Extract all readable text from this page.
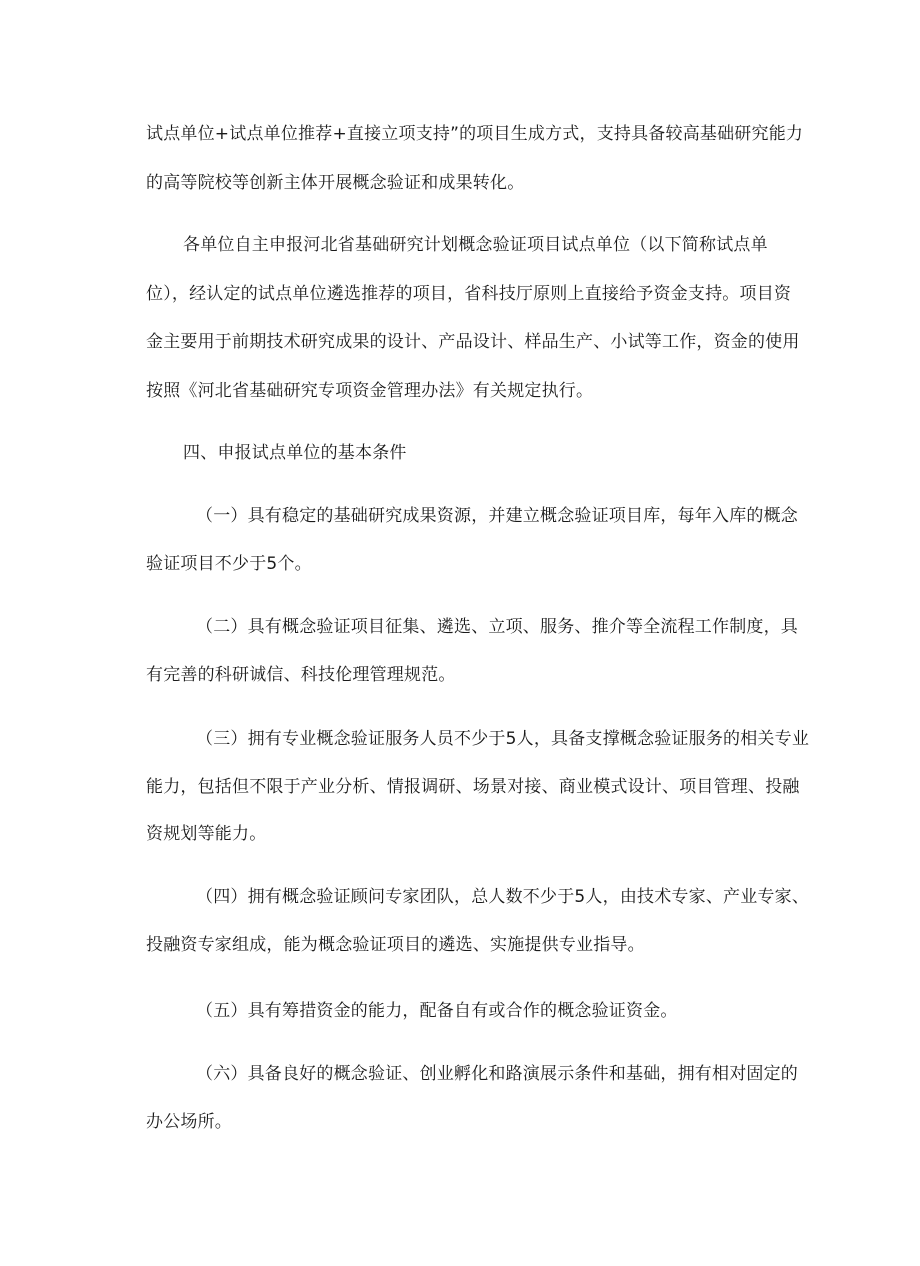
试点单位+试点单位推荐+直接立项支持”的项目生成方式，支持具备较高基础研究能力
的高等院校等创新主体开展概念验证和成果转化。
各单位自主申报河北省基础研究计划概念验证项目试点单位（以下简称试点单
位），经认定的试点单位遴选推荐的项目，省科技厅原则上直接给予资金支持。项目资
金主要用于前期技术研究成果的设计、产品设计、样品生产、小试等工作，资金的使用
按照《河北省基础研究专项资金管理办法》有关规定执行。
四、申报试点单位的基本条件
（一）具有稳定的基础研究成果资源，并建立概念验证项目库，每年入库的概念
验证项目不少于5个。
（二）具有概念验证项目征集、遴选、立项、服务、推介等全流程工作制度，具
有完善的科研诚信、科技伦理管理规范。
（三）拥有专业概念验证服务人员不少于5人，具备支撑概念验证服务的相关专业
能力，包括但不限于产业分析、情报调研、场景对接、商业模式设计、项目管理、投融
资规划等能力。
（四）拥有概念验证顾问专家团队，总人数不少于5人，由技术专家、产业专家、
投融资专家组成，能为概念验证项目的遴选、实施提供专业指导。
（五）具有筹措资金的能力，配备自有或合作的概念验证资金。
（六）具备良好的概念验证、创业孵化和路演展示条件和基础，拥有相对固定的
办公场所。
